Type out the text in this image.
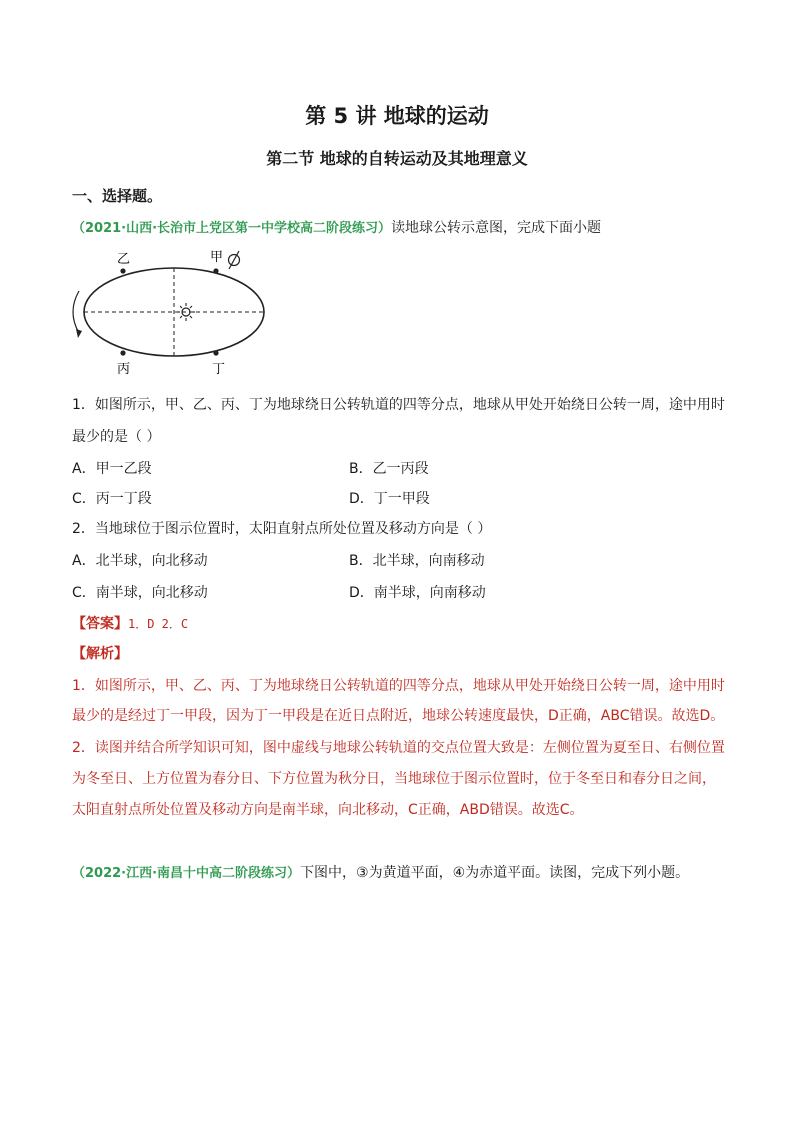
第 5 讲 地球的运动
第二节 地球的自转运动及其地理意义
一、选择题。
（2021·山西·长治市上党区第一中学校高二阶段练习）读地球公转示意图，完成下面小题
乙	甲
丙	丁
1．如图所示，甲、乙、丙、丁为地球绕日公转轨道的四等分点，地球从甲处开始绕日公转一周，途中用时
最少的是（ ）
A．甲一乙段	B．乙一丙段
C．丙一丁段	D．丁一甲段
2．当地球位于图示位置时，太阳直射点所处位置及移动方向是（ ）
A．北半球，向北移动	B．北半球，向南移动
C．南半球，向北移动	D．南半球，向南移动
【答案】1．D 2．C
【解析】
1．如图所示，甲、乙、丙、丁为地球绕日公转轨道的四等分点，地球从甲处开始绕日公转一周，途中用时
最少的是经过丁一甲段，因为丁一甲段是在近日点附近，地球公转速度最快，D正确，ABC错误。故选D。
2．读图并结合所学知识可知，图中虚线与地球公转轨道的交点位置大致是：左侧位置为夏至日、右侧位置
为冬至日、上方位置为春分日、下方位置为秋分日，当地球位于图示位置时，位于冬至日和春分日之间，
太阳直射点所处位置及移动方向是南半球，向北移动，C正确，ABD错误。故选C。
（2022·江西·南昌十中高二阶段练习）下图中，③为黄道平面，④为赤道平面。读图，完成下列小题。
